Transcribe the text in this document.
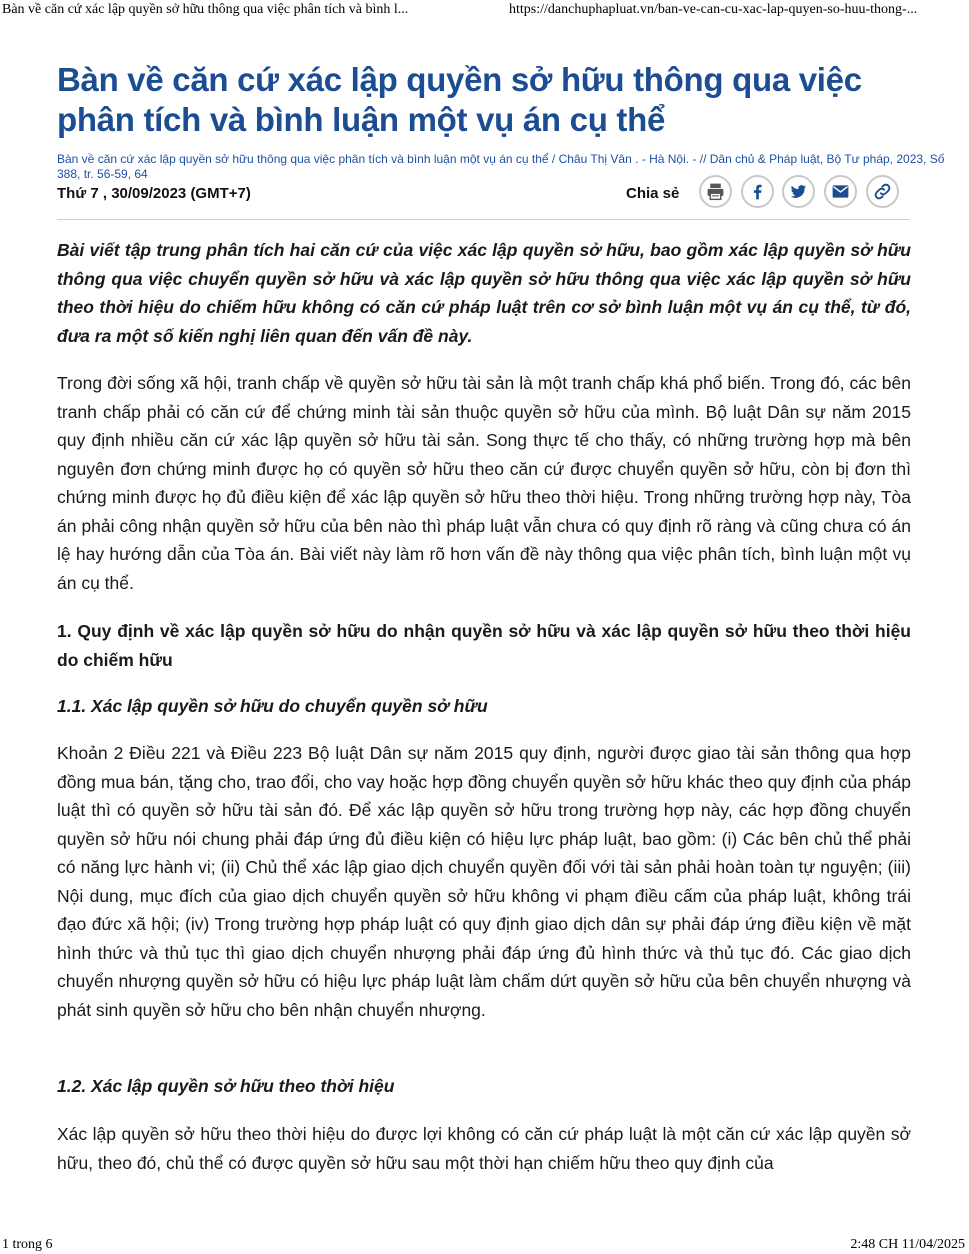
Bàn về căn cứ xác lập quyền sở hữu thông qua việc phân tích và bình l...	https://danchuphapluat.vn/ban-ve-can-cu-xac-lap-quyen-so-huu-thong-...
Bàn về căn cứ xác lập quyền sở hữu thông qua việc phân tích và bình luận một vụ án cụ thể
Bàn về căn cứ xác lập quyền sở hữu thông qua việc phân tích và bình luận một vụ án cụ thể / Châu Thị Vân . - Hà Nội. - // Dân chủ & Pháp luật, Bộ Tư pháp, 2023, Số 388, tr. 56-59, 64
Thứ 7 , 30/09/2023 (GMT+7)	Chia sẻ

Bài viết tập trung phân tích hai căn cứ của việc xác lập quyền sở hữu, bao gồm xác lập quyền sở hữu thông qua việc chuyển quyền sở hữu và xác lập quyền sở hữu thông qua việc xác lập quyền sở hữu theo thời hiệu do chiếm hữu không có căn cứ pháp luật trên cơ sở bình luận một vụ án cụ thể, từ đó, đưa ra một số kiến nghị liên quan đến vấn đề này.

Trong đời sống xã hội, tranh chấp về quyền sở hữu tài sản là một tranh chấp khá phổ biến. Trong đó, các bên tranh chấp phải có căn cứ để chứng minh tài sản thuộc quyền sở hữu của mình. Bộ luật Dân sự năm 2015 quy định nhiều căn cứ xác lập quyền sở hữu tài sản. Song thực tế cho thấy, có những trường hợp mà bên nguyên đơn chứng minh được họ có quyền sở hữu theo căn cứ được chuyển quyền sở hữu, còn bị đơn thì chứng minh được họ đủ điều kiện để xác lập quyền sở hữu theo thời hiệu. Trong những trường hợp này, Tòa án phải công nhận quyền sở hữu của bên nào thì pháp luật vẫn chưa có quy định rõ ràng và cũng chưa có án lệ hay hướng dẫn của Tòa án. Bài viết này làm rõ hơn vấn đề này thông qua việc phân tích, bình luận một vụ án cụ thể.

1. Quy định về xác lập quyền sở hữu do nhận quyền sở hữu và xác lập quyền sở hữu theo thời hiệu do chiếm hữu

1.1. Xác lập quyền sở hữu do chuyển quyền sở hữu

Khoản 2 Điều 221 và Điều 223 Bộ luật Dân sự năm 2015 quy định, người được giao tài sản thông qua hợp đồng mua bán, tặng cho, trao đổi, cho vay hoặc hợp đồng chuyển quyền sở hữu khác theo quy định của pháp luật thì có quyền sở hữu tài sản đó. Để xác lập quyền sở hữu trong trường hợp này, các hợp đồng chuyển quyền sở hữu nói chung phải đáp ứng đủ điều kiện có hiệu lực pháp luật, bao gồm: (i) Các bên chủ thể phải có năng lực hành vi; (ii) Chủ thể xác lập giao dịch chuyển quyền đối với tài sản phải hoàn toàn tự nguyện; (iii) Nội dung, mục đích của giao dịch chuyển quyền sở hữu không vi phạm điều cấm của pháp luật, không trái đạo đức xã hội; (iv) Trong trường hợp pháp luật có quy định giao dịch dân sự phải đáp ứng điều kiện về mặt hình thức và thủ tục thì giao dịch chuyển nhượng phải đáp ứng đủ hình thức và thủ tục đó. Các giao dịch chuyển nhượng quyền sở hữu có hiệu lực pháp luật làm chấm dứt quyền sở hữu của bên chuyển nhượng và phát sinh quyền sở hữu cho bên nhận chuyển nhượng.

1.2. Xác lập quyền sở hữu theo thời hiệu

Xác lập quyền sở hữu theo thời hiệu do được lợi không có căn cứ pháp luật là một căn cứ xác lập quyền sở hữu, theo đó, chủ thể có được quyền sở hữu sau một thời hạn chiếm hữu theo quy định của

1 trong 6	2:48 CH 11/04/2025
